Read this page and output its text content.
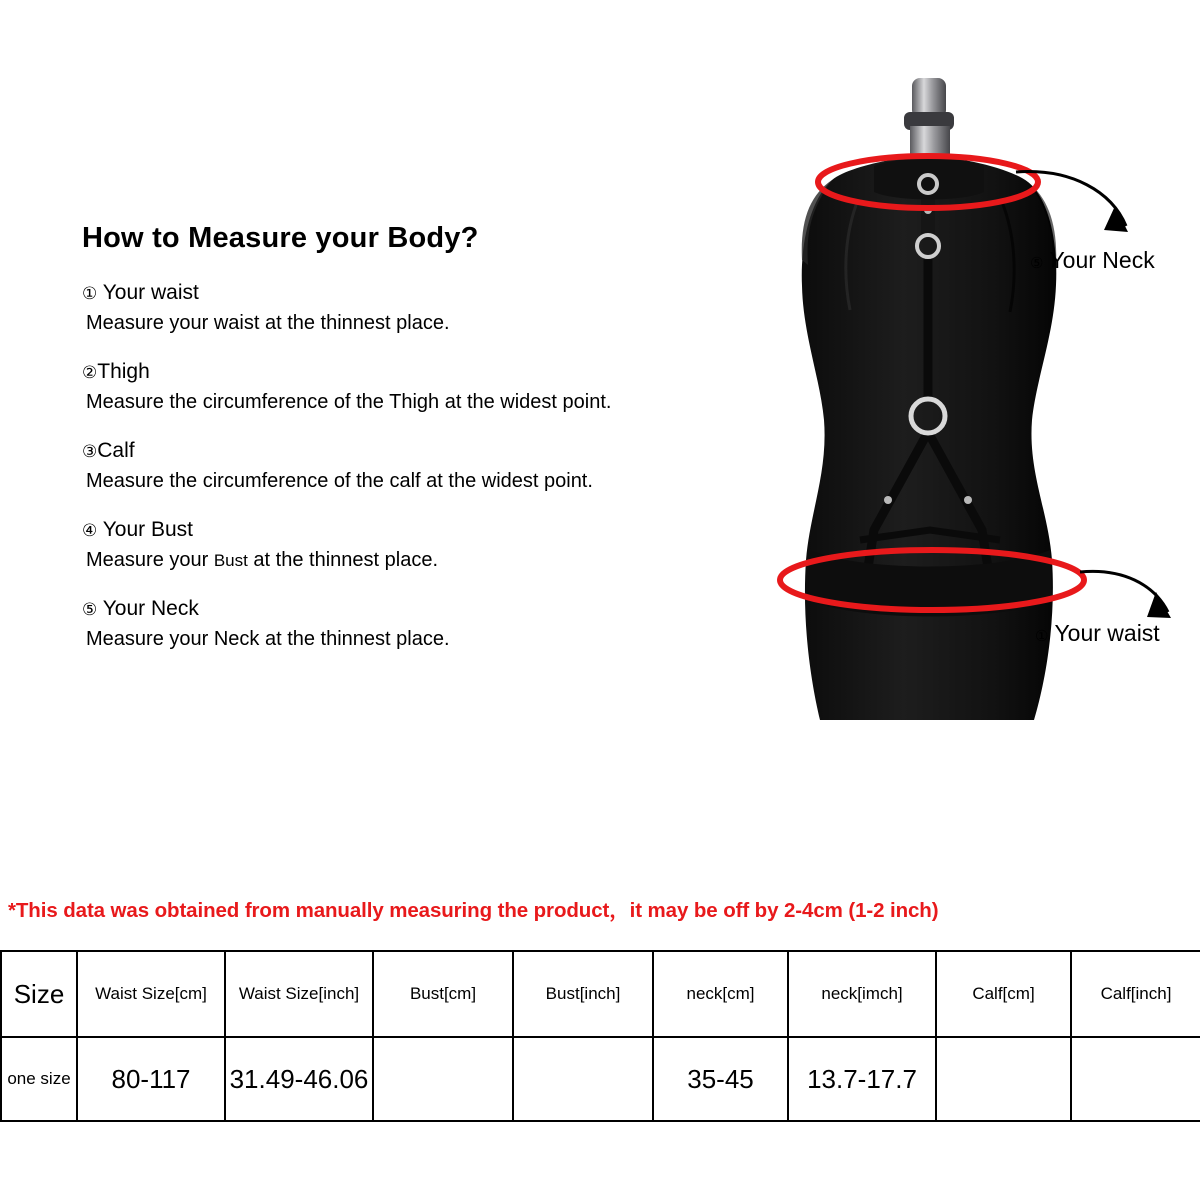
How to Measure your Body?

① Your waist

Measure your waist at the thinnest place.

②Thigh

Measure the circumference of the Thigh at the widest point.

③Calf

Measure the circumference of the calf at the widest point.

④ Your Bust

Measure your Bust at the thinnest place.

⑤ Your Neck

Measure your Neck at the thinnest place.

⑤ Your Neck
① Your waist
*This data was obtained from manually measuring the product，it may be off by 2-4cm (1-2 inch)
Size	Waist Size[cm]	Waist Size[inch]	Bust[cm]	Bust[inch]	neck[cm]	neck[imch]	Calf[cm]	Calf[inch]
one size	80-117	31.49-46.06			35-45	13.7-17.7		
